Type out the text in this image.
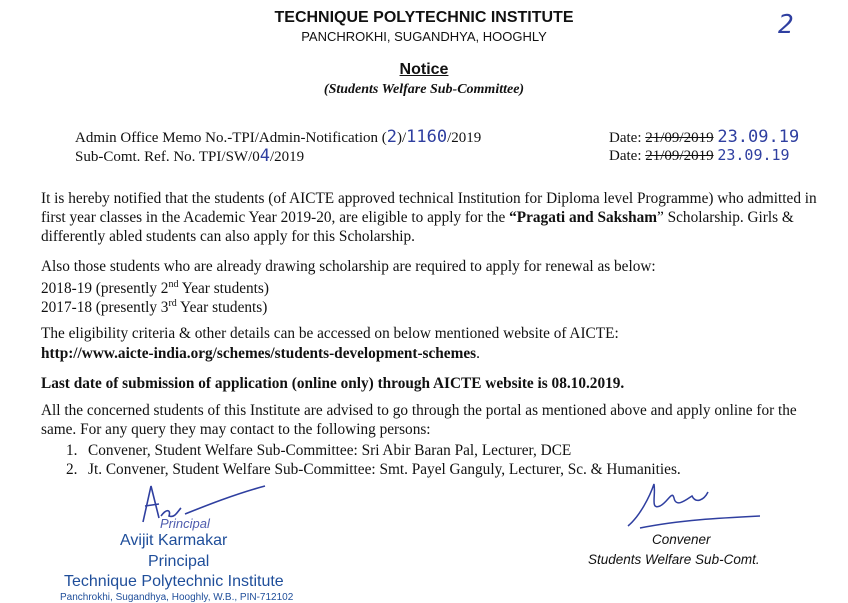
TECHNIQUE POLYTECHNIC INSTITUTE
PANCHROKHI, SUGANDHYA, HOOGHLY	2
Notice
(Students Welfare Sub-Committee)
Admin Office Memo No.-TPI/Admin-Notification (2)/1160/2019
Sub-Comt. Ref. No. TPI/SW/04/2019
Date: 21/09/2019 23.09.19
Date: 21/09/2019 23.09.19
It is hereby notified that the students (of AICTE approved technical Institution for Diploma level Programme) who admitted in first year classes in the Academic Year 2019-20, are eligible to apply for the “Pragati and Saksham” Scholarship. Girls & differently abled students can also apply for this Scholarship.
Also those students who are already drawing scholarship are required to apply for renewal as below:
2018-19 (presently 2nd Year students)
2017-18 (presently 3rd Year students)
The eligibility criteria & other details can be accessed on below mentioned website of AICTE:
http://www.aicte-india.org/schemes/students-development-schemes.
Last date of submission of application (online only) through AICTE website is 08.10.2019.
All the concerned students of this Institute are advised to go through the portal as mentioned above and apply online for the same. For any query they may contact to the following persons:
1. Convener, Student Welfare Sub-Committee: Sri Abir Baran Pal, Lecturer, DCE
2. Jt. Convener, Student Welfare Sub-Committee: Smt. Payel Ganguly, Lecturer, Sc. & Humanities.
Principal
Avijit Karmakar
Principal
Technique Polytechnic Institute
Panchrokhi, Sugandhya, Hooghly, W.B., PIN-712102
Convener
Students Welfare Sub-Comt.
